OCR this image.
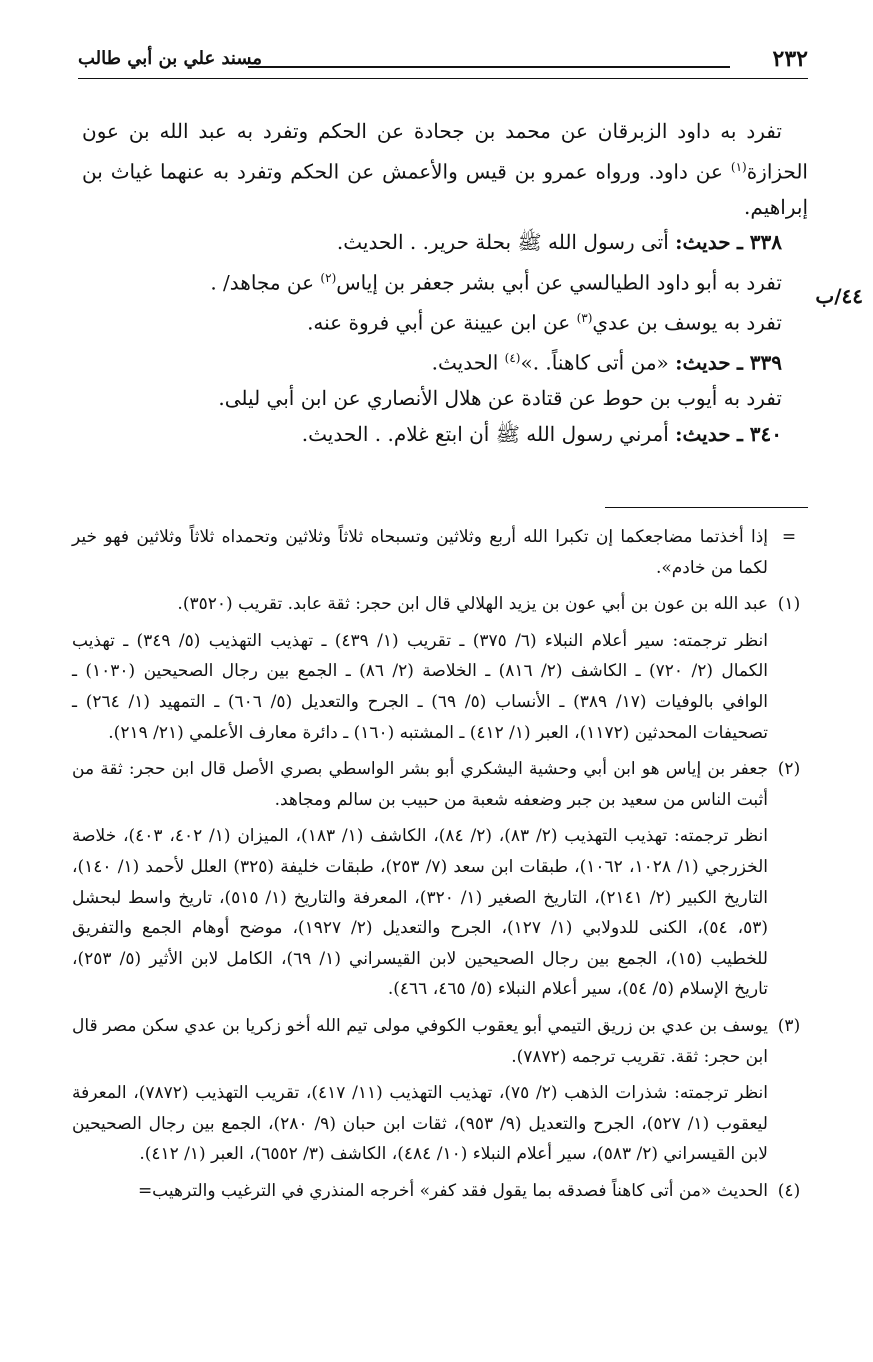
٢٣٢
مسند علي بن أبي طالب

تفرد به داود الزبرقان عن محمد بن جحادة عن الحكم وتفرد به عبد الله بن عون الحزازة$^{(١)}$ عن داود. ورواه عمرو بن قيس والأعمش عن الحكم وتفرد به عنهما غياث بن إبراهيم.

٣٣٨ ـ حديث: أتى رسول الله ﷺ بحلة حرير. . الحديث.

تفرد به أبو داود الطيالسي عن أبي بشر جعفر بن إياس$^{(٢)}$ عن مجاهد/ .

تفرد به يوسف بن عدي$^{(٣)}$ عن ابن عيينة عن أبي فروة عنه.

٣٣٩ ـ حديث: «من أتى كاهناً. .»$^{(٤)}$ الحديث.

تفرد به أيوب بن حوط عن قتادة عن هلال الأنصاري عن ابن أبي ليلى.

٣٤٠ ـ حديث: أمرني رسول الله ﷺ أن ابتع غلام. . الحديث.

٤٤/ب
=

إذا أخذتما مضاجعكما إن تكبرا الله أربع وثلاثين وتسبحاه ثلاثاً وثلاثين وتحمداه ثلاثاً وثلاثين فهو خير لكما من خادم».

(١)

عبد الله بن عون بن أبي عون بن يزيد الهلالي قال ابن حجر: ثقة عابد. تقريب (٣٥٢٠).

انظر ترجمته: سير أعلام النبلاء (٦/ ٣٧٥) ـ تقريب (١/ ٤٣٩) ـ تهذيب التهذيب (٥/ ٣٤٩) ـ تهذيب الكمال (٢/ ٧٢٠) ـ الكاشف (٢/ ٨١٦) ـ الخلاصة (٢/ ٨٦) ـ الجمع بين رجال الصحيحين (١٠٣٠) ـ الوافي بالوفيات (١٧/ ٣٨٩) ـ الأنساب (٥/ ٦٩) ـ الجرح والتعديل (٥/ ٦٠٦) ـ التمهيد (١/ ٢٦٤) ـ تصحيفات المحدثين (١١٧٢)، العبر (١/ ٤١٢) ـ المشتبه (١٦٠) ـ دائرة معارف الأعلمي (٢١/ ٢١٩).

(٢)

جعفر بن إياس هو ابن أبي وحشية اليشكري أبو بشر الواسطي بصري الأصل قال ابن حجر: ثقة من أثبت الناس من سعيد بن جبر وضعفه شعبة من حبيب بن سالم ومجاهد.

انظر ترجمته: تهذيب التهذيب (٢/ ٨٣)، (٢/ ٨٤)، الكاشف (١/ ١٨٣)، الميزان (١/ ٤٠٢، ٤٠٣)، خلاصة الخزرجي (١/ ١٠٢٨، ١٠٦٢)، طبقات ابن سعد (٧/ ٢٥٣)، طبقات خليفة (٣٢٥) العلل لأحمد (١/ ١٤٠)، التاريخ الكبير (٢/ ٢١٤١)، التاريخ الصغير (١/ ٣٢٠)، المعرفة والتاريخ (١/ ٥١٥)، تاريخ واسط لبحشل (٥٣، ٥٤)، الكنى للدولابي (١/ ١٢٧)، الجرح والتعديل (٢/ ١٩٢٧)، موضح أوهام الجمع والتفريق للخطيب (١٥)، الجمع بين رجال الصحيحين لابن القيسراني (١/ ٦٩)، الكامل لابن الأثير (٥/ ٢٥٣)، تاريخ الإسلام (٥/ ٥٤)، سير أعلام النبلاء (٥/ ٤٦٥، ٤٦٦).

(٣)

يوسف بن عدي بن زريق التيمي أبو يعقوب الكوفي مولى تيم الله أخو زكريا بن عدي سكن مصر قال ابن حجر: ثقة. تقريب ترجمه (٧٨٧٢).

انظر ترجمته: شذرات الذهب (٢/ ٧٥)، تهذيب التهذيب (١١/ ٤١٧)، تقريب التهذيب (٧٨٧٢)، المعرفة ليعقوب (١/ ٥٢٧)، الجرح والتعديل (٩/ ٩٥٣)، ثقات ابن حبان (٩/ ٢٨٠)، الجمع بين رجال الصحيحين لابن القيسراني (٢/ ٥٨٣)، سير أعلام النبلاء (١٠/ ٤٨٤)، الكاشف (٣/ ٦٥٥٢)، العبر (١/ ٤١٢).

(٤)

الحديث «من أتى كاهناً فصدقه بما يقول فقد كفر» أخرجه المنذري في الترغيب والترهيب=
